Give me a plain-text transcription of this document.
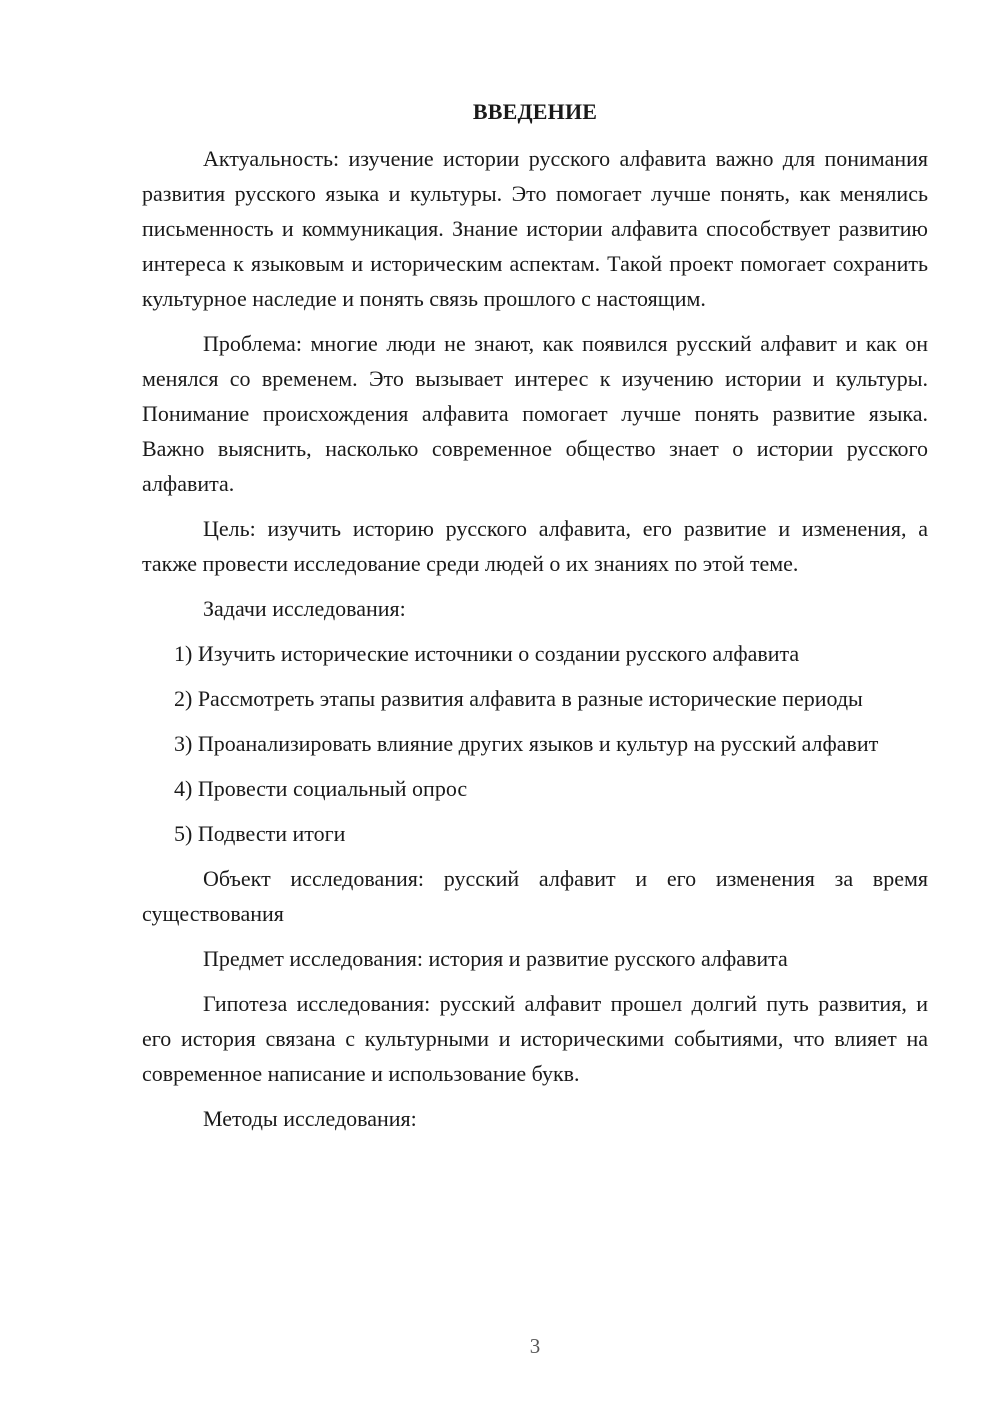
ВВЕДЕНИЕ

Актуальность: изучение истории русского алфавита важно для понимания развития русского языка и культуры. Это помогает лучше понять, как менялись письменность и коммуникация. Знание истории алфавита способствует развитию интереса к языковым и историческим аспектам. Такой проект помогает сохранить культурное наследие и понять связь прошлого с настоящим.

Проблема: многие люди не знают, как появился русский алфавит и как он менялся со временем. Это вызывает интерес к изучению истории и культуры. Понимание происхождения алфавита помогает лучше понять развитие языка. Важно выяснить, насколько современное общество знает о истории русского алфавита.

Цель: изучить историю русского алфавита, его развитие и изменения, а также провести исследование среди людей о их знаниях по этой теме.

Задачи исследования:

1) Изучить исторические источники о создании русского алфавита

2) Рассмотреть этапы развития алфавита в разные исторические периоды

3) Проанализировать влияние других языков и культур на русский алфавит

4) Провести социальный опрос

5) Подвести итоги

Объект исследования: русский алфавит и его изменения за время существования

Предмет исследования: история и развитие русского алфавита

Гипотеза исследования: русский алфавит прошел долгий путь развития, и его история связана с культурными и историческими событиями, что влияет на современное написание и использование букв.

Методы исследования:

3
